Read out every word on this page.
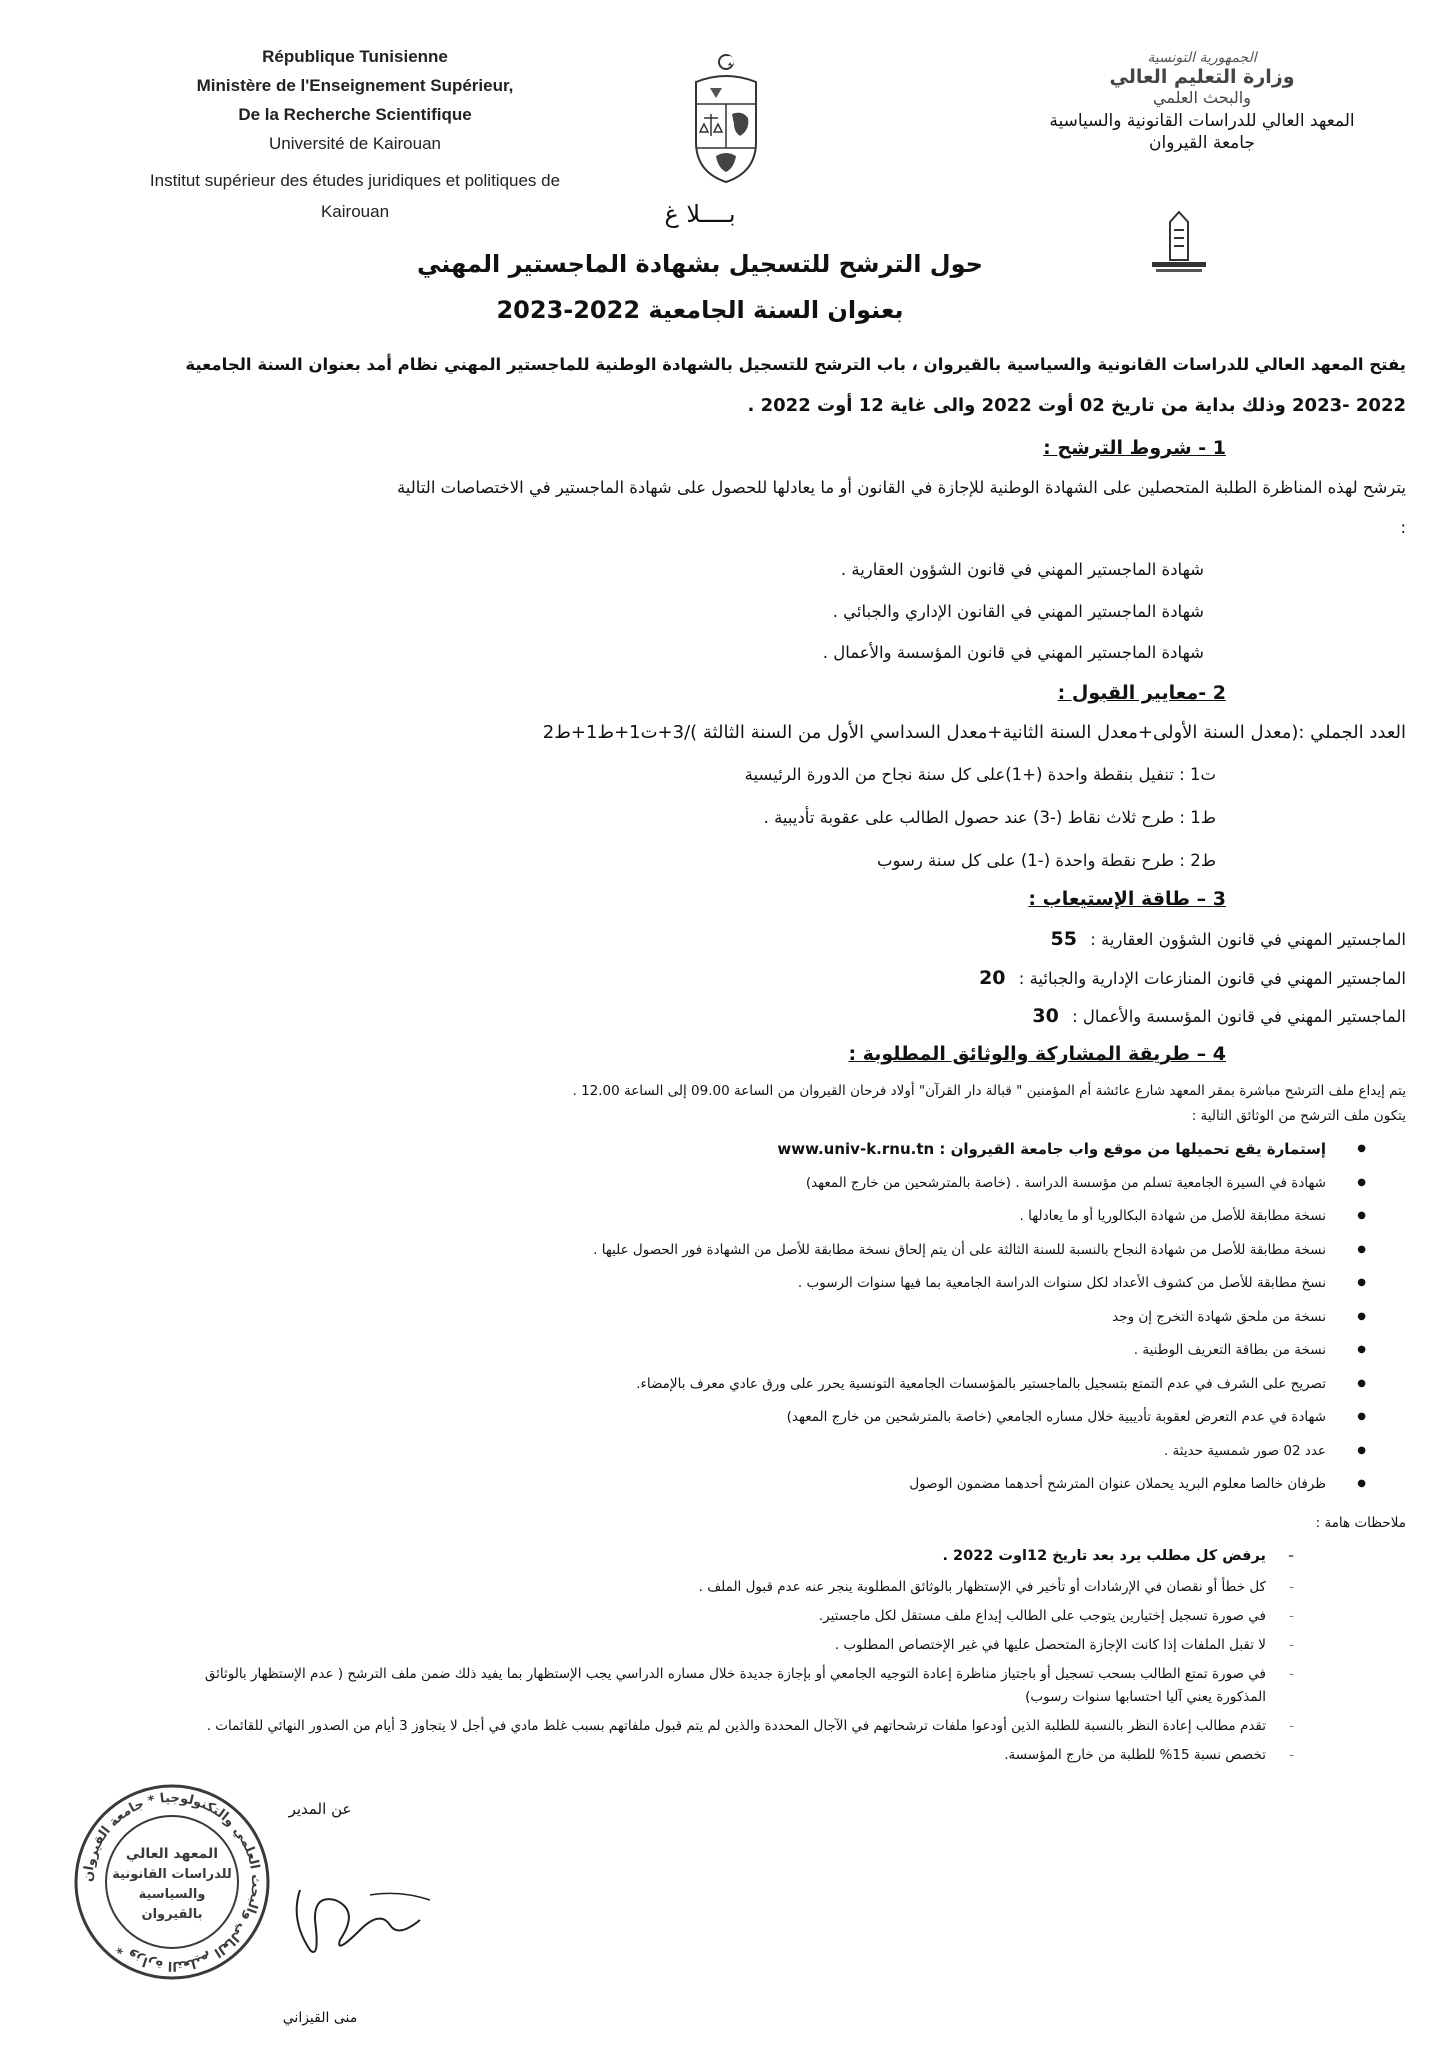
République Tunisienne
Ministère de l'Enseignement Supérieur,
De la Recherche Scientifique
Université de Kairouan
Institut supérieur des études juridiques et politiques de
Kairouan
الجمهورية التونسية
وزارة التعليم العالي
والبحث العلمي
المعهد العالي للدراسات القانونية والسياسية
جامعة القيروان
بــــلا غ
حول الترشح للتسجيل بشهادة الماجستير المهني
بعنوان السنة الجامعية 2022-2023
يفتح المعهد العالي للدراسات القانونية والسياسية بالقيروان ، باب الترشح للتسجيل بالشهادة الوطنية للماجستير المهني نظام أمد بعنوان السنة الجامعية
2022 -2023 وذلك بداية من تاريخ 02 أوت 2022 والى غاية 12 أوت 2022 .
1 - شروط الترشح :
يترشح لهذه المناظرة الطلبة المتحصلين على الشهادة الوطنية للإجازة في القانون أو ما يعادلها للحصول على شهادة الماجستير في الاختصاصات التالية
:
شهادة الماجستير المهني في قانون الشؤون العقارية .
شهادة الماجستير المهني في القانون الإداري والجبائي .
شهادة الماجستير المهني في قانون المؤسسة والأعمال .
2 -معايير القبول :
العدد الجملي :(معدل السنة الأولى+معدل السنة الثانية+معدل السداسي الأول من السنة الثالثة )/3+ت1+ط1+ط2
ت1 : تنفيل بنقطة واحدة (+1)على كل سنة نجاح من الدورة الرئيسية
ط1 : طرح ثلاث نقاط (-3) عند حصول الطالب على عقوبة تأديبية .
ط2 : طرح نقطة واحدة (-1) على كل سنة رسوب
3 – طاقة الإستيعاب :
الماجستير المهني في قانون الشؤون العقارية : 55
الماجستير المهني في قانون المنازعات الإدارية والجبائية : 20
الماجستير المهني في قانون المؤسسة والأعمال : 30
4 – طريقة المشاركة والوثائق المطلوبة :
يتم إيداع ملف الترشح مباشرة بمقر المعهد شارع عائشة أم المؤمنين " قبالة دار القرآن" أولاد فرحان القيروان من الساعة 09.00 إلى الساعة 12.00 .
يتكون ملف الترشح من الوثائق التالية :
● إستمارة يقع تحميلها من موقع واب جامعة القيروان : www.univ-k.rnu.tn
● شهادة في السيرة الجامعية تسلم من مؤسسة الدراسة . (خاصة بالمترشحين من خارج المعهد)
● نسخة مطابقة للأصل من شهادة البكالوريا أو ما يعادلها .
● نسخة مطابقة للأصل من شهادة النجاح بالنسبة للسنة الثالثة على أن يتم إلحاق نسخة مطابقة للأصل من الشهادة فور الحصول عليها .
● نسخ مطابقة للأصل من كشوف الأعداد لكل سنوات الدراسة الجامعية بما فيها سنوات الرسوب .
● نسخة من ملحق شهادة التخرج إن وجد
● نسخة من بطاقة التعريف الوطنية .
● تصريح على الشرف في عدم التمتع بتسجيل بالماجستير بالمؤسسات الجامعية التونسية يحرر على ورق عادي معرف بالإمضاء.
● شهادة في عدم التعرض لعقوبة تأديبية خلال مساره الجامعي (خاصة بالمترشحين من خارج المعهد)
● عدد 02 صور شمسية حديثة .
● ظرفان خالصا معلوم البريد يحملان عنوان المترشح أحدهما مضمون الوصول
ملاحظات هامة :
- يرفض كل مطلب يرد بعد تاريخ 12اوت 2022 .
- كل خطأ أو نقصان في الإرشادات أو تأخير في الإستظهار بالوثائق المطلوبة ينجر عنه عدم قبول الملف .
- في صورة تسجيل إختيارين يتوجب على الطالب إيداع ملف مستقل لكل ماجستير.
- لا تقبل الملفات إذا كانت الإجازة المتحصل عليها في غير الإختصاص المطلوب .
- في صورة تمتع الطالب بسحب تسجيل أو باجتياز مناظرة إعادة التوجيه الجامعي أو بإجازة جديدة خلال مساره الدراسي يجب الإستظهار بما يفيد ذلك ضمن ملف الترشح ( عدم الإستظهار بالوثائق المذكورة يعني آليا احتسابها سنوات رسوب)
- تقدم مطالب إعادة النظر بالنسبة للطلبة الذين أودعوا ملفات ترشحاتهم في الآجال المحددة والذين لم يتم قبول ملفاتهم بسبب غلط مادي في أجل لا يتجاوز 3 أيام من الصدور النهائي للقائمات .
- تخصص نسبة 15% للطلبة من خارج المؤسسة.
عن المدير
منى القيزاني
وزارة التعليم العالي والبحث العلمي والتكنولوجيا * جامعة القيروان *
المعهد العالي
للدراسات القانونية
والسياسية
بالقيروان
